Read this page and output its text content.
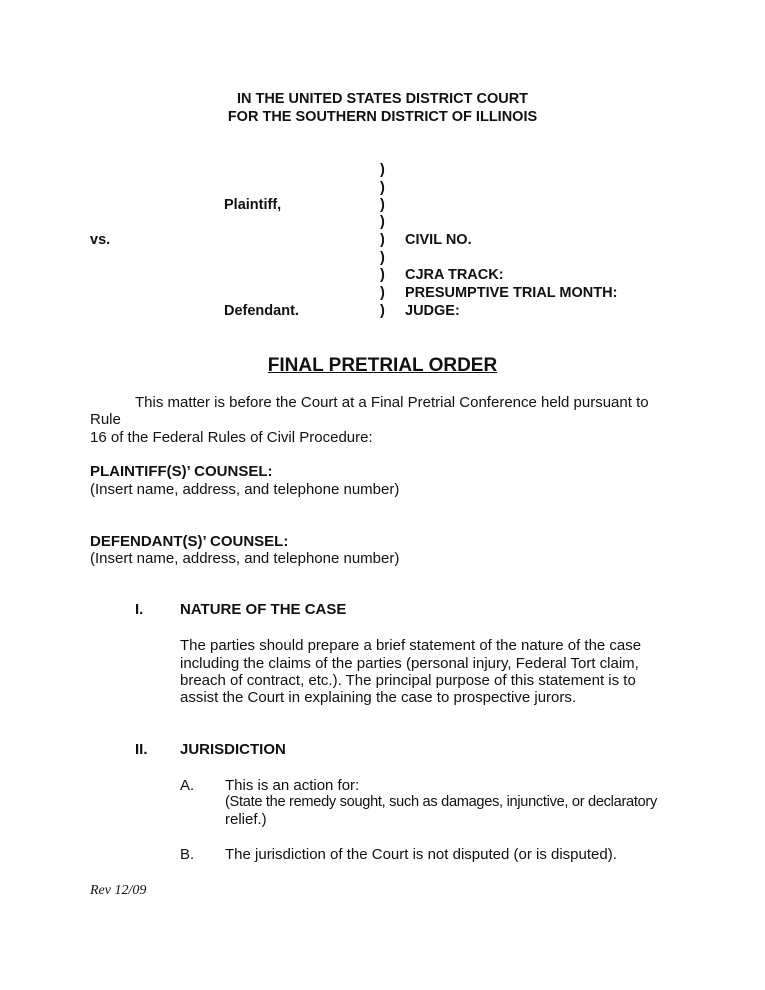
IN THE UNITED STATES DISTRICT COURT
FOR THE SOUTHERN DISTRICT OF ILLINOIS
)
)
)
)
)
)
)
)
)
Plaintiff,
vs.
Defendant.
CIVIL NO.
CJRA TRACK:
PRESUMPTIVE TRIAL MONTH:
JUDGE:
FINAL PRETRIAL ORDER
This matter is before the Court at a Final Pretrial Conference held pursuant to
Rule
16 of the Federal Rules of Civil Procedure:
PLAINTIFF(S)’ COUNSEL:
(Insert name, address, and telephone number)
DEFENDANT(S)’ COUNSEL:
(Insert name, address, and telephone number)
I. NATURE OF THE CASE
The parties should prepare a brief statement of the nature of the case
including the claims of the parties (personal injury, Federal Tort claim,
breach of contract, etc.). The principal purpose of this statement is to
assist the Court in explaining the case to prospective jurors.
II. JURISDICTION
A. This is an action for:
(State the remedy sought, such as damages, injunctive, or declaratory
relief.)
B. The jurisdiction of the Court is not disputed (or is disputed).
Rev 12/09
